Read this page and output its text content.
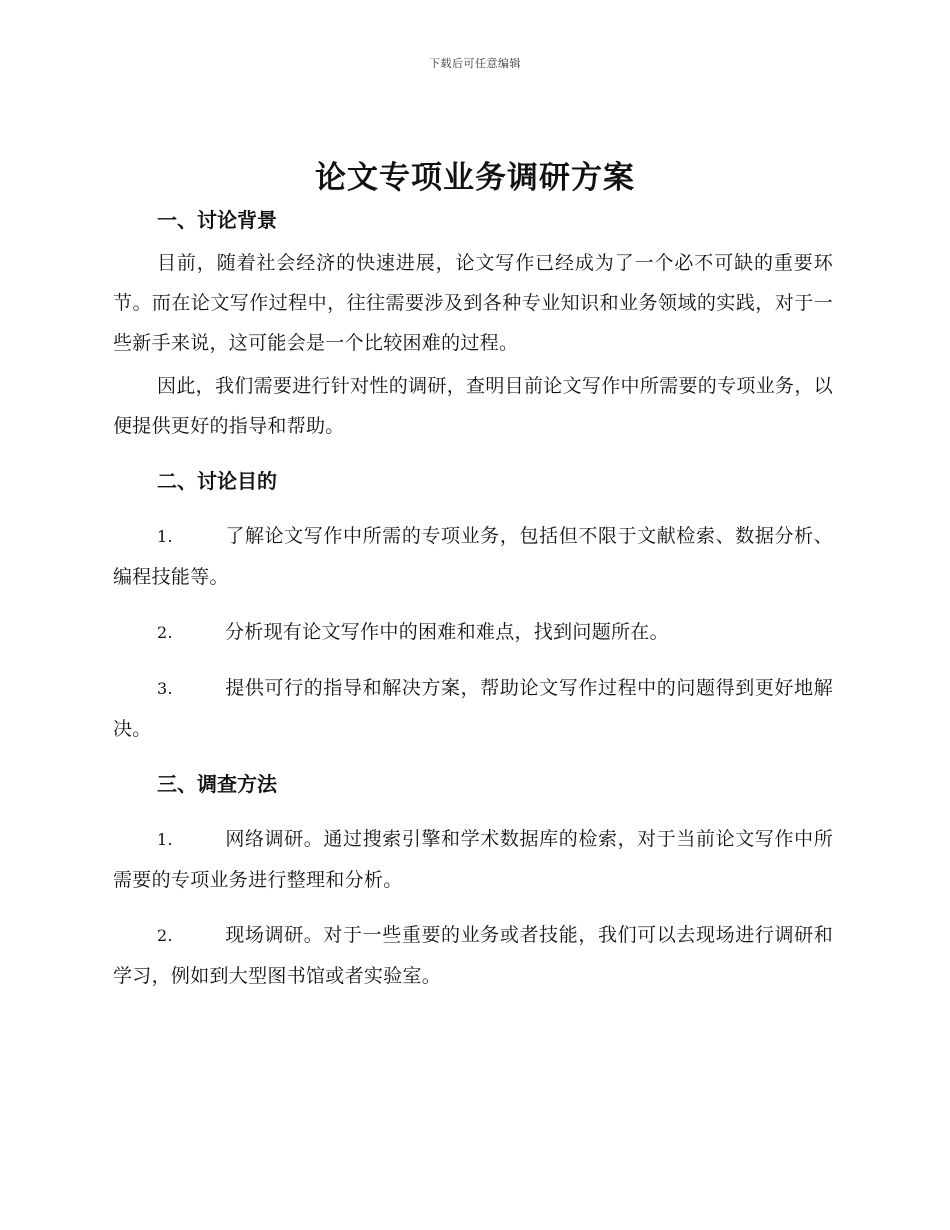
下载后可任意编辑
论文专项业务调研方案
一、讨论背景

目前，随着社会经济的快速进展，论文写作已经成为了一个必不可缺的重要环节。而在论文写作过程中，往往需要涉及到各种专业知识和业务领域的实践，对于一些新手来说，这可能会是一个比较困难的过程。

因此，我们需要进行针对性的调研，查明目前论文写作中所需要的专项业务，以便提供更好的指导和帮助。

二、讨论目的

1.	了解论文写作中所需的专项业务，包括但不限于文献检索、数据分析、编程技能等。

2.	分析现有论文写作中的困难和难点，找到问题所在。

3.	提供可行的指导和解决方案，帮助论文写作过程中的问题得到更好地解决。

三、调查方法

1.	网络调研。通过搜索引擎和学术数据库的检索，对于当前论文写作中所需要的专项业务进行整理和分析。

2.	现场调研。对于一些重要的业务或者技能，我们可以去现场进行调研和学习，例如到大型图书馆或者实验室。
